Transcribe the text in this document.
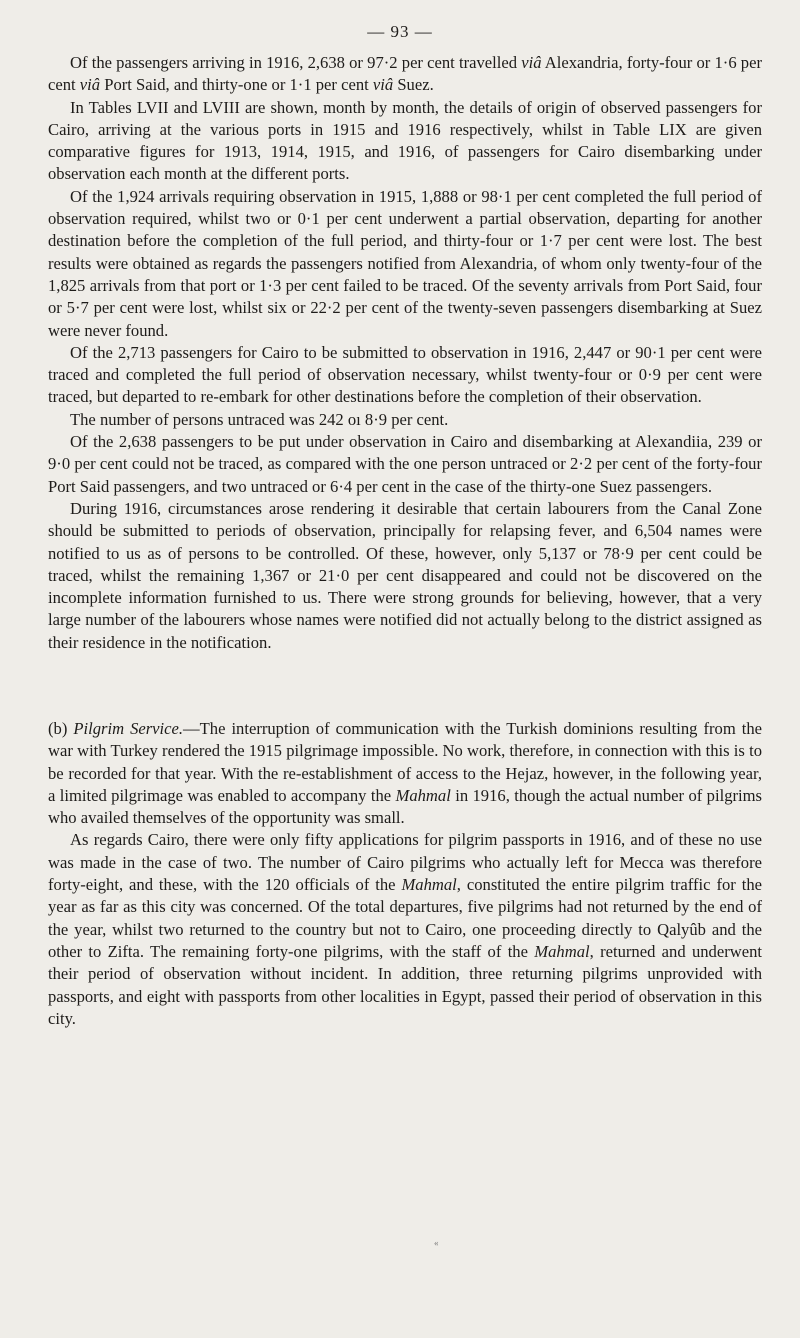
— 93 —

Of the passengers arriving in 1916, 2,638 or 97·2 per cent travelled viâ Alexandria, forty-four or 1·6 per cent viâ Port Said, and thirty-one or 1·1 per cent viâ Suez.

In Tables LVII and LVIII are shown, month by month, the details of origin of observed passengers for Cairo, arriving at the various ports in 1915 and 1916 respectively, whilst in Table LIX are given comparative figures for 1913, 1914, 1915, and 1916, of passengers for Cairo disembarking under observation each month at the different ports.

Of the 1,924 arrivals requiring observation in 1915, 1,888 or 98·1 per cent completed the full period of observation required, whilst two or 0·1 per cent underwent a partial observation, departing for another destination before the completion of the full period, and thirty-four or 1·7 per cent were lost. The best results were obtained as regards the passengers notified from Alexandria, of whom only twenty-four of the 1,825 arrivals from that port or 1·3 per cent failed to be traced. Of the seventy arrivals from Port Said, four or 5·7 per cent were lost, whilst six or 22·2 per cent of the twenty-seven passengers disembarking at Suez were never found.

Of the 2,713 passengers for Cairo to be submitted to observation in 1916, 2,447 or 90·1 per cent were traced and completed the full period of observation necessary, whilst twenty-four or 0·9 per cent were traced, but departed to re-embark for other destinations before the completion of their observation.

The number of persons untraced was 242 oı 8·9 per cent.

Of the 2,638 passengers to be put under observation in Cairo and disembarking at Alexandiia, 239 or 9·0 per cent could not be traced, as compared with the one person untraced or 2·2 per cent of the forty-four Port Said passengers, and two untraced or 6·4 per cent in the case of the thirty-one Suez passengers.

During 1916, circumstances arose rendering it desirable that certain labourers from the Canal Zone should be submitted to periods of observation, principally for relapsing fever, and 6,504 names were notified to us as of persons to be controlled. Of these, however, only 5,137 or 78·9 per cent could be traced, whilst the remaining 1,367 or 21·0 per cent disappeared and could not be discovered on the incomplete information furnished to us. There were strong grounds for believing, however, that a very large number of the labourers whose names were notified did not actually belong to the district assigned as their residence in the notification.

(b) Pilgrim Service.—The interruption of communication with the Turkish dominions resulting from the war with Turkey rendered the 1915 pilgrimage impossible. No work, therefore, in connection with this is to be recorded for that year. With the re-establishment of access to the Hejaz, however, in the following year, a limited pilgrimage was enabled to accompany the Mahmal in 1916, though the actual number of pilgrims who availed themselves of the opportunity was small.

As regards Cairo, there were only fifty applications for pilgrim passports in 1916, and of these no use was made in the case of two. The number of Cairo pilgrims who actually left for Mecca was therefore forty-eight, and these, with the 120 officials of the Mahmal, constituted the entire pilgrim traffic for the year as far as this city was concerned. Of the total departures, five pilgrims had not returned by the end of the year, whilst two returned to the country but not to Cairo, one proceeding directly to Qalyûb and the other to Zifta. The remaining forty-one pilgrims, with the staff of the Mahmal, returned and underwent their period of observation without incident. In addition, three returning pilgrims unprovided with passports, and eight with passports from other localities in Egypt, passed their period of observation in this city.

«
